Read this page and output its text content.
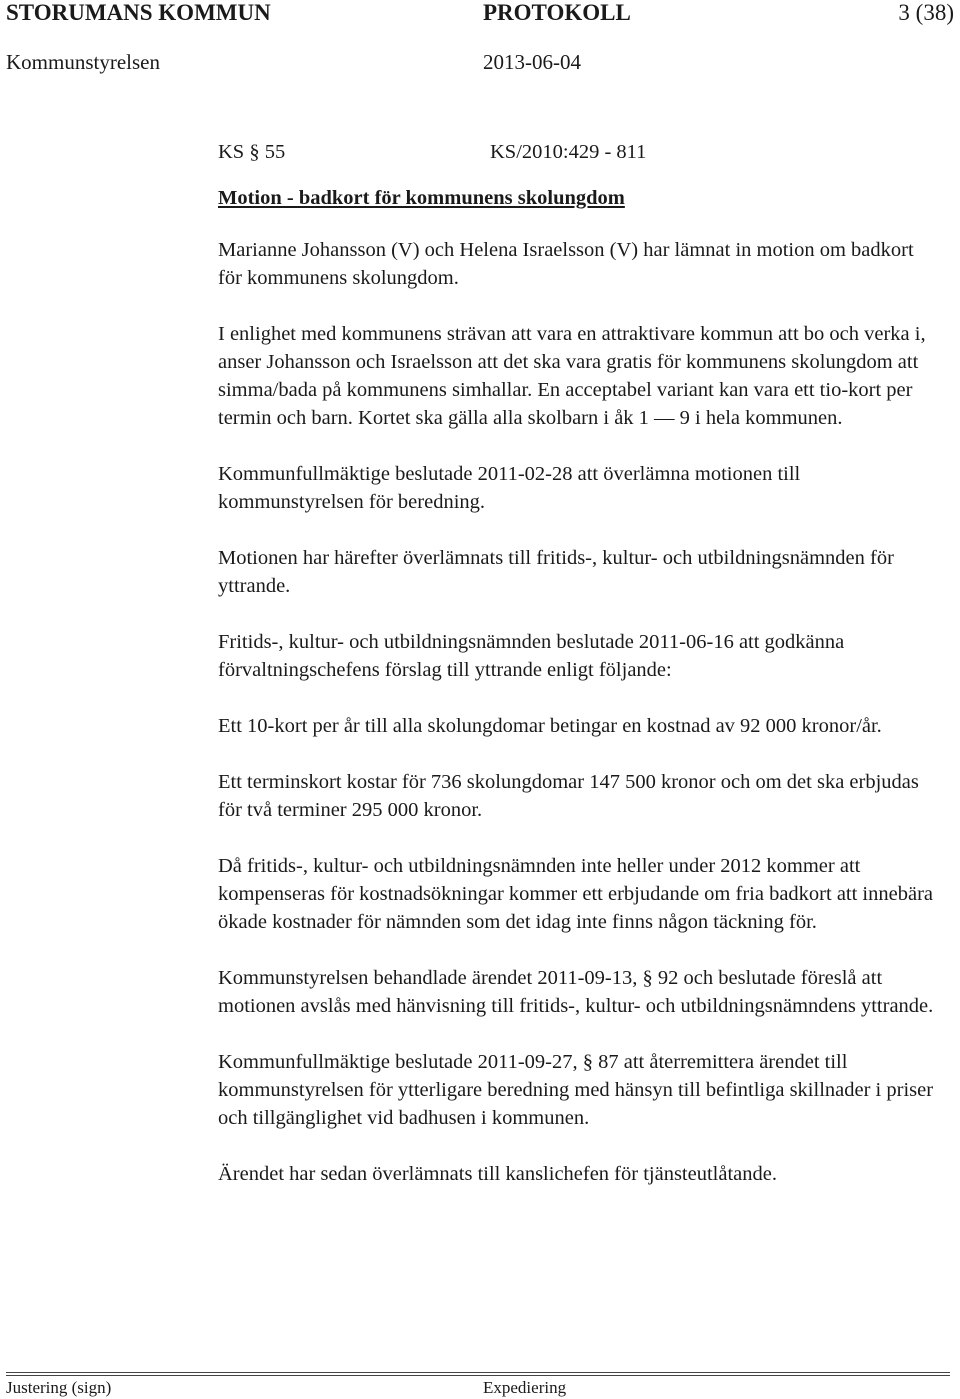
STORUMANS KOMMUN	PROTOKOLL	3 (38)
Kommunstyrelsen	2013-06-04
KS § 55	KS/2010:429 - 811
Motion - badkort för kommunens skolungdom

Marianne Johansson (V) och Helena Israelsson (V) har lämnat in motion om badkort för kommunens skolungdom.

I enlighet med kommunens strävan att vara en attraktivare kommun att bo och verka i, anser Johansson och Israelsson att det ska vara gratis för kommunens skolungdom att simma/bada på kommunens simhallar. En acceptabel variant kan vara ett tio-kort per termin och barn. Kortet ska gälla alla skolbarn i åk 1 — 9 i hela kommunen.

Kommunfullmäktige beslutade 2011-02-28 att överlämna motionen till kommunstyrelsen för beredning.

Motionen har härefter överlämnats till fritids-, kultur- och utbildningsnämnden för yttrande.

Fritids-, kultur- och utbildningsnämnden beslutade 2011-06-16 att godkänna förvaltningschefens förslag till yttrande enligt följande:

Ett 10-kort per år till alla skolungdomar betingar en kostnad av 92 000 kronor/år.

Ett terminskort kostar för 736 skolungdomar 147 500 kronor och om det ska erbjudas för två terminer 295 000 kronor.

Då fritids-, kultur- och utbildningsnämnden inte heller under 2012 kommer att kompenseras för kostnadsökningar kommer ett erbjudande om fria badkort att innebära ökade kostnader för nämnden som det idag inte finns någon täckning för.

Kommunstyrelsen behandlade ärendet 2011-09-13, § 92 och beslutade föreslå att motionen avslås med hänvisning till fritids-, kultur- och utbildningsnämndens yttrande.

Kommunfullmäktige beslutade 2011-09-27, § 87 att återremittera ärendet till kommunstyrelsen för ytterligare beredning med hänsyn till befintliga skillnader i priser och tillgänglighet vid badhusen i kommunen.

Ärendet har sedan överlämnats till kanslichefen för tjänsteutlåtande.

Justering (sign)	Expediering
